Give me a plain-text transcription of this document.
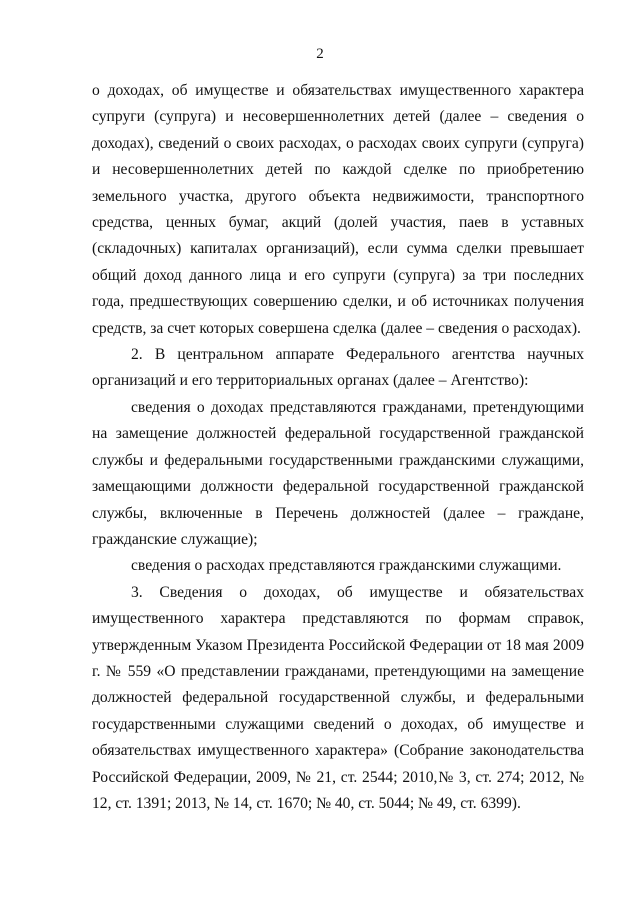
2

о доходах, об имуществе и обязательствах имущественного характера супруги (супруга) и несовершеннолетних детей (далее – сведения о доходах), сведений о своих расходах, о расходах своих супруги (супруга) и несовершеннолетних детей по каждой сделке по приобретению земельного участка, другого объекта недвижимости, транспортного средства, ценных бумаг, акций (долей участия, паев в уставных (складочных) капиталах организаций), если сумма сделки превышает общий доход данного лица и его супруги (супруга) за три последних года, предшествующих совершению сделки, и об источниках получения средств, за счет которых совершена сделка (далее – сведения о расходах).

2. В центральном аппарате Федерального агентства научных организаций и его территориальных органах (далее – Агентство):

сведения о доходах представляются гражданами, претендующими на замещение должностей федеральной государственной гражданской службы и федеральными государственными гражданскими служащими, замещающими должности федеральной государственной гражданской службы, включенные в Перечень должностей (далее – граждане, гражданские служащие);

сведения о расходах представляются гражданскими служащими.

3. Сведения о доходах, об имуществе и обязательствах имущественного характера представляются по формам справок, утвержденным Указом Президента Российской Федерации от 18 мая 2009 г. № 559 «О представлении гражданами, претендующими на замещение должностей федеральной государственной службы, и федеральными государственными служащими сведений о доходах, об имуществе и обязательствах имущественного характера» (Собрание законодательства Российской Федерации, 2009, № 21, ст. 2544; 2010,№ 3, ст. 274; 2012, № 12, ст. 1391; 2013, № 14, ст. 1670; № 40, ст. 5044; № 49, ст. 6399).
